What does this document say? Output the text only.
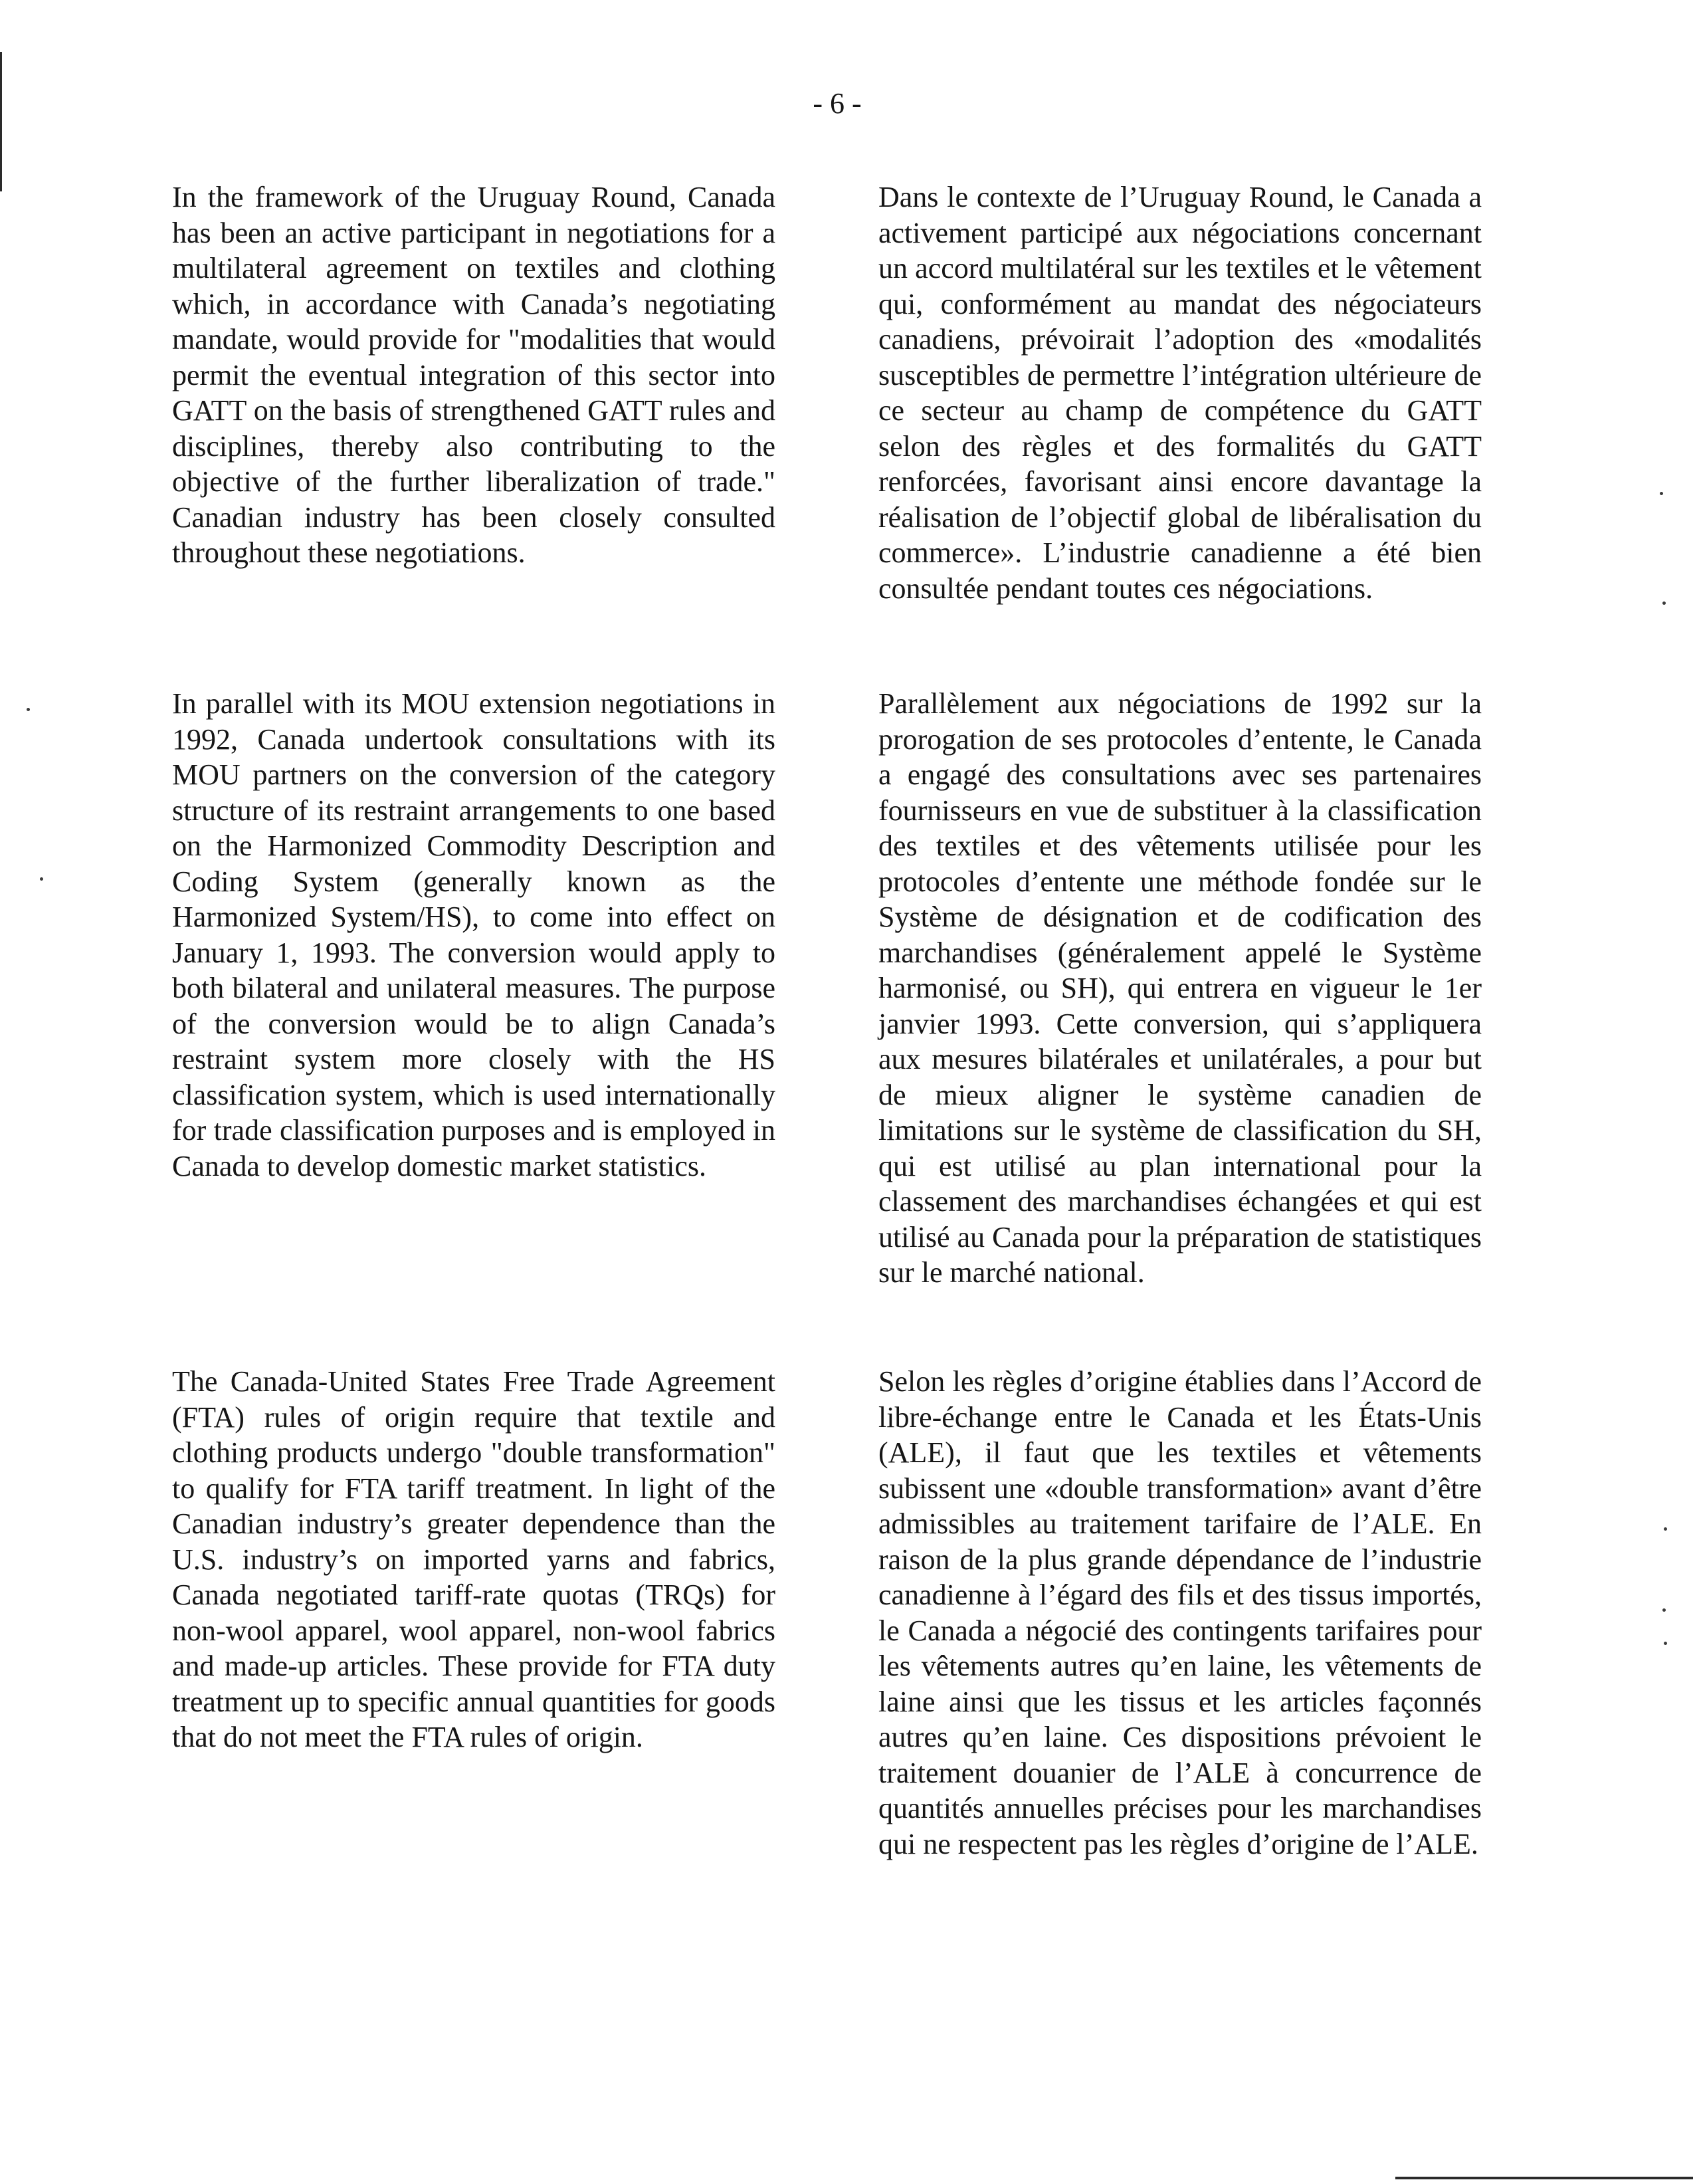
- 6 -

In the framework of the Uruguay Round, Canada has been an active participant in negotiations for a multilateral agreement on textiles and clothing which, in accordance with Canada’s negotiating mandate, would provide for "modalities that would permit the eventual integration of this sector into GATT on the basis of strengthened GATT rules and disciplines, thereby also contributing to the objective of the further liberalization of trade." Canadian industry has been closely consulted throughout these negotiations.

In parallel with its MOU extension negotiations in 1992, Canada undertook consultations with its MOU partners on the conversion of the category structure of its restraint arrangements to one based on the Harmonized Commodity Description and Coding System (generally known as the Harmonized System/HS), to come into effect on January 1, 1993. The conversion would apply to both bilateral and unilateral measures. The purpose of the conversion would be to align Canada’s restraint system more closely with the HS classification system, which is used internationally for trade classification purposes and is employed in Canada to develop domestic market statistics.

The Canada-United States Free Trade Agreement (FTA) rules of origin require that textile and clothing products undergo "double transformation" to qualify for FTA tariff treatment. In light of the Canadian industry’s greater dependence than the U.S. industry’s on imported yarns and fabrics, Canada negotiated tariff-rate quotas (TRQs) for non-wool apparel, wool apparel, non-wool fabrics and made-up articles. These provide for FTA duty treatment up to specific annual quantities for goods that do not meet the FTA rules of origin.

Dans le contexte de l’Uruguay Round, le Canada a activement participé aux négociations concernant un accord multilatéral sur les textiles et le vêtement qui, conformément au mandat des négociateurs canadiens, prévoirait l’adoption des «modalités susceptibles de permettre l’intégration ultérieure de ce secteur au champ de compétence du GATT selon des règles et des formalités du GATT renforcées, favorisant ainsi encore davantage la réalisation de l’objectif global de libéralisation du commerce». L’industrie canadienne a été bien consultée pendant toutes ces négociations.

Parallèlement aux négociations de 1992 sur la prorogation de ses protocoles d’entente, le Canada a engagé des consultations avec ses partenaires fournisseurs en vue de substituer à la classification des textiles et des vêtements utilisée pour les protocoles d’entente une méthode fondée sur le Système de désignation et de codification des marchandises (généralement appelé le Système harmonisé, ou SH), qui entrera en vigueur le 1er janvier 1993. Cette conversion, qui s’appliquera aux mesures bilatérales et unilatérales, a pour but de mieux aligner le système canadien de limitations sur le système de classification du SH, qui est utilisé au plan international pour la classement des marchandises échangées et qui est utilisé au Canada pour la préparation de statistiques sur le marché national.

Selon les règles d’origine établies dans l’Accord de libre-échange entre le Canada et les États-Unis (ALE), il faut que les textiles et vêtements subissent une «double transformation» avant d’être admissibles au traitement tarifaire de l’ALE. En raison de la plus grande dépendance de l’industrie canadienne à l’égard des fils et des tissus importés, le Canada a négocié des contingents tarifaires pour les vêtements autres qu’en laine, les vêtements de laine ainsi que les tissus et les articles façonnés autres qu’en laine. Ces dispositions prévoient le traitement douanier de l’ALE à concurrence de quantités annuelles précises pour les marchandises qui ne respectent pas les règles d’origine de l’ALE.
